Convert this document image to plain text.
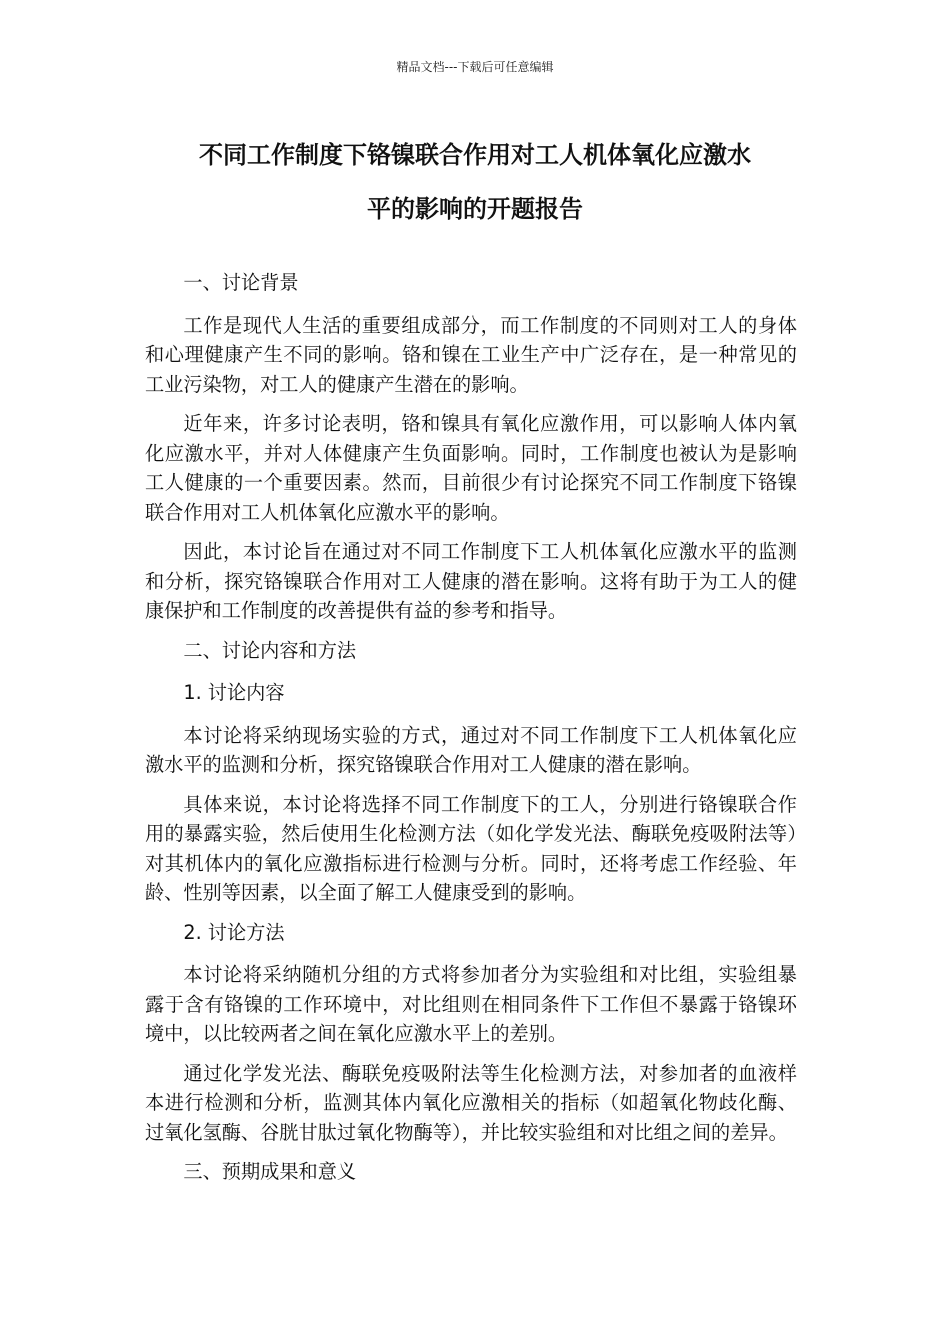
精品文档---下载后可任意编辑
不同工作制度下铬镍联合作用对工人机体氧化应激水
平的影响的开题报告

一、讨论背景

工作是现代人生活的重要组成部分，而工作制度的不同则对工人的身体和心理健康产生不同的影响。铬和镍在工业生产中广泛存在，是一种常见的工业污染物，对工人的健康产生潜在的影响。

近年来，许多讨论表明，铬和镍具有氧化应激作用，可以影响人体内氧化应激水平，并对人体健康产生负面影响。同时，工作制度也被认为是影响工人健康的一个重要因素。然而，目前很少有讨论探究不同工作制度下铬镍联合作用对工人机体氧化应激水平的影响。

因此，本讨论旨在通过对不同工作制度下工人机体氧化应激水平的监测和分析，探究铬镍联合作用对工人健康的潜在影响。这将有助于为工人的健康保护和工作制度的改善提供有益的参考和指导。

二、讨论内容和方法

1. 讨论内容

本讨论将采纳现场实验的方式，通过对不同工作制度下工人机体氧化应激水平的监测和分析，探究铬镍联合作用对工人健康的潜在影响。

具体来说，本讨论将选择不同工作制度下的工人，分别进行铬镍联合作用的暴露实验，然后使用生化检测方法（如化学发光法、酶联免疫吸附法等）对其机体内的氧化应激指标进行检测与分析。同时，还将考虑工作经验、年龄、性别等因素，以全面了解工人健康受到的影响。

2. 讨论方法

本讨论将采纳随机分组的方式将参加者分为实验组和对比组，实验组暴露于含有铬镍的工作环境中，对比组则在相同条件下工作但不暴露于铬镍环境中，以比较两者之间在氧化应激水平上的差别。

通过化学发光法、酶联免疫吸附法等生化检测方法，对参加者的血液样本进行检测和分析，监测其体内氧化应激相关的指标（如超氧化物歧化酶、过氧化氢酶、谷胱甘肽过氧化物酶等），并比较实验组和对比组之间的差异。

三、预期成果和意义
